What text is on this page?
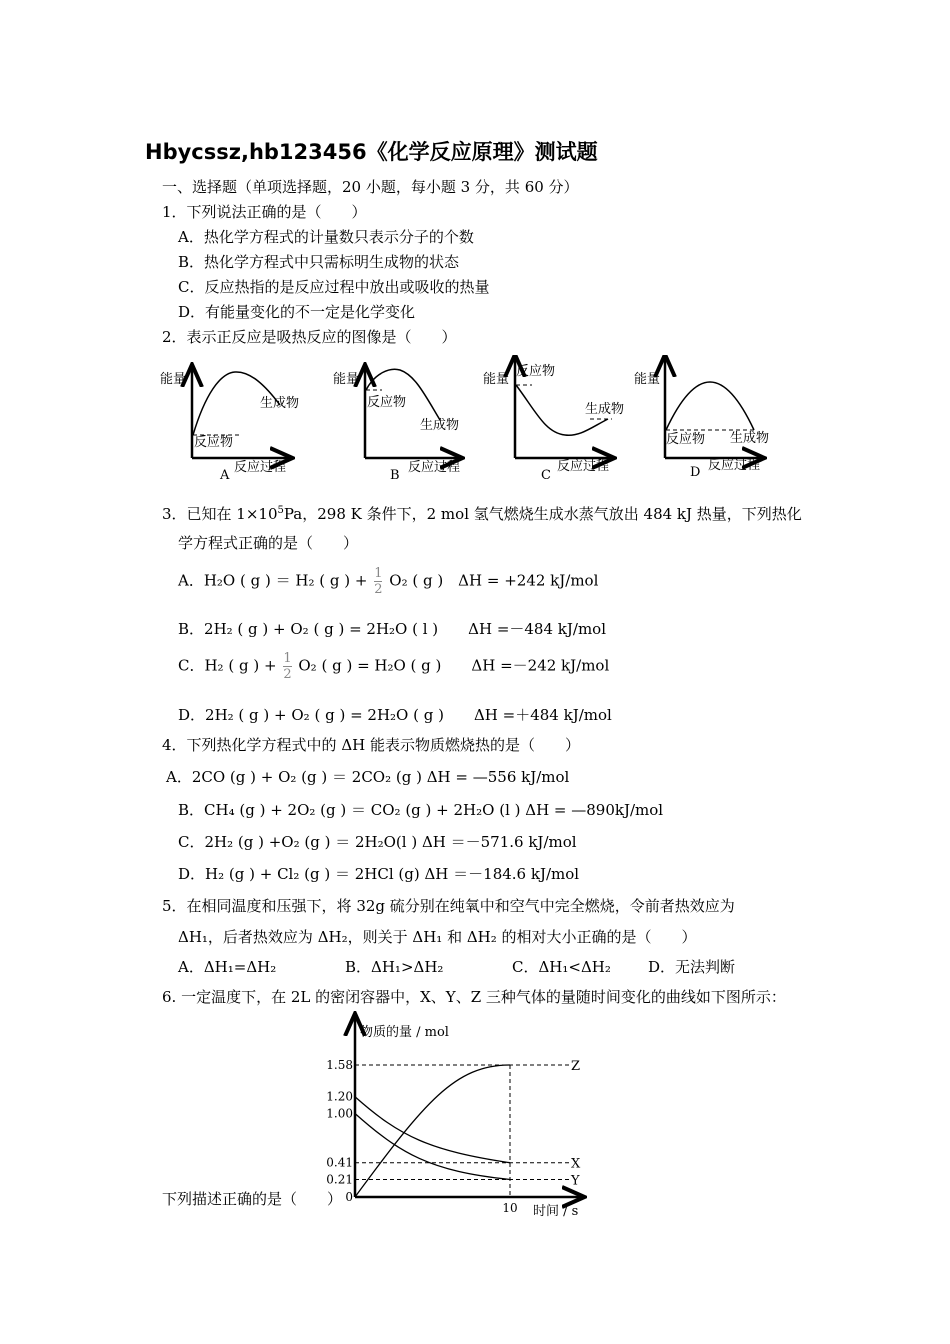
Hbycssz,hb123456《化学反应原理》测试题
一、选择题（单项选择题，20 小题，每小题 3 分，共 60 分）
1．下列说法正确的是（　　）
A．热化学方程式的计量数只表示分子的个数
B．热化学方程式中只需标明生成物的状态
C．反应热指的是反应过程中放出或吸收的热量
D．有能量变化的不一定是化学变化
2．表示正反应是吸热反应的图像是（　　）
能量
生成物
反应物
反应过程
A
能量
反应物
生成物
反应过程
B
能量
反应物
生成物
反应过程
C
能量
反应物 生成物
反应过程
D
3．已知在 $1\times 10^5Pa$，298 K 条件下，2 mol 氢气燃烧生成水蒸气放出 484 kJ 热量，下列热化
学方程式正确的是（　　）
A．H₂O ( g ) ＝ H₂ ( g ) + $\frac{1}{2} O_2$ ( g )　ΔH = +242 kJ/mol
B．2H₂ ( g ) + O₂ ( g ) = 2H₂O ( l )　　ΔH =－484 kJ/mol
C．H₂ ( g ) + $\frac{1}{2} O_2$ ( g ) = H₂O ( g )　　ΔH =－242 kJ/mol
D．2H₂ ( g ) + O₂ ( g ) = 2H₂O ( g )　　ΔH =＋484 kJ/mol
4．下列热化学方程式中的 ΔH 能表示物质燃烧热的是（　　）
A．2CO (g ) + O₂ (g ) ＝ 2CO₂ (g ) ΔH = —556 kJ/mol
B．CH₄ (g ) + 2O₂ (g ) ＝ CO₂ (g ) + 2H₂O (l ) ΔH = —890kJ/mol
C．2H₂ (g ) +O₂ (g ) ＝ 2H₂O(l ) ΔH ＝－571.6 kJ/mol
D．H₂ (g ) + Cl₂ (g ) ＝ 2HCl (g) ΔH ＝－184.6 kJ/mol
5．在相同温度和压强下，将 32g 硫分别在纯氧中和空气中完全燃烧，令前者热效应为
ΔH₁，后者热效应为 ΔH₂，则关于 ΔH₁ 和 ΔH₂ 的相对大小正确的是（　　）
A．ΔH₁=ΔH₂	B．ΔH₁>ΔH₂	C．ΔH₁<ΔH₂ D．无法判断
6. 一定温度下，在 2L 的密闭容器中，X、Y、Z 三种气体的量随时间变化的曲线如下图所示：
下列描述正确的是（　　）
物质的量 / mol
时间 / s
1.58
1.20
1.00
0.41
0.21
0
10
Z
X
Y
